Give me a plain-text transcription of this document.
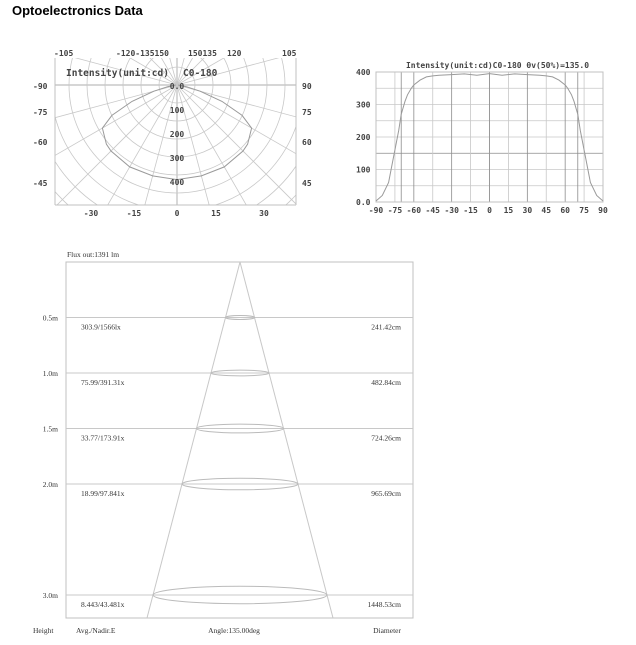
Optoelectronics Data
Intensity(unit:cd) C0-180
0.0
100
200
300
400
-90
-75
-60
-45
90
75
60
45
-105	-120-135150 150135 120	105
-30	-15	0	15	30
Intensity(unit:cd)C0-180 θv(50%)=135.0
0.0
100
200
300
400
-90 -75 -60 -45 -30 -15 0 15 30 45 60 75 90
0.5m
303.9/1566lx	241.42cm
1.0m
75.99/391.31x	482.84cm
1.5m
33.77/173.91x	724.26cm
2.0m
18.99/97.841x	965.69cm
3.0m
8.443/43.481x	1448.53cm
Flux out:1391 lm
Height	Avg./Nadir.E	Angle:135.00deg	Diameter
